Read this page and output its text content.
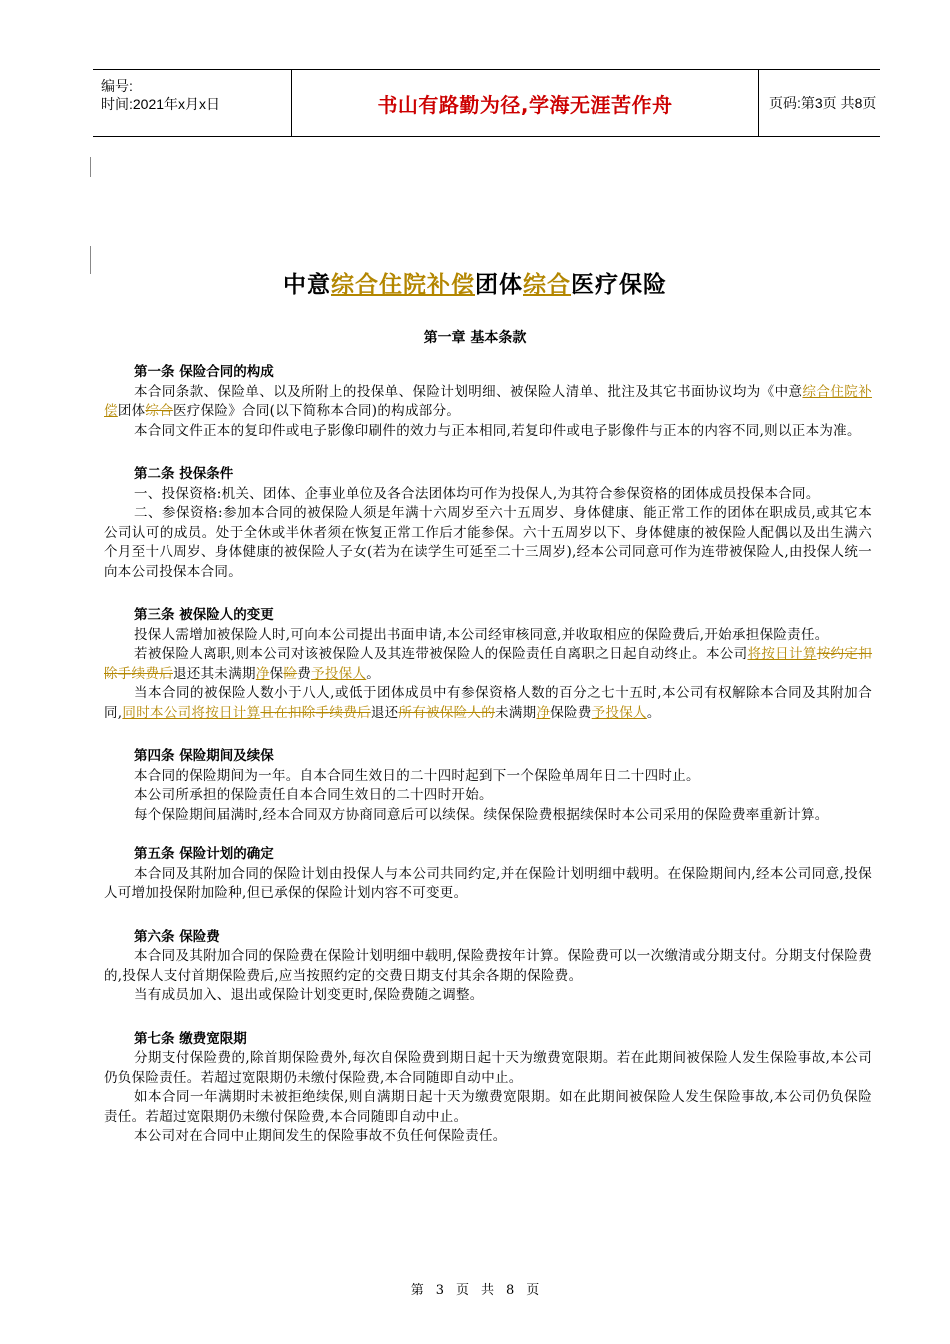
编号:
时间:2021年x月x日	书山有路勤为径,学海无涯苦作舟	页码:第3页 共8页
中意综合住院补偿团体综合医疗保险
第一章 基本条款

第一条 保险合同的构成

本合同条款、保险单、以及所附上的投保单、保险计划明细、被保险人清单、批注及其它书面协议均为《中意综合住院补偿团体综合医疗保险》合同(以下简称本合同)的构成部分。

本合同文件正本的复印件或电子影像印刷件的效力与正本相同,若复印件或电子影像件与正本的内容不同,则以正本为准。

第二条 投保条件

一、投保资格:机关、团体、企事业单位及各合法团体均可作为投保人,为其符合参保资格的团体成员投保本合同。

二、参保资格:参加本合同的被保险人须是年满十六周岁至六十五周岁、身体健康、能正常工作的团体在职成员,或其它本公司认可的成员。处于全休或半休者须在恢复正常工作后才能参保。六十五周岁以下、身体健康的被保险人配偶以及出生满六个月至十八周岁、身体健康的被保险人子女(若为在读学生可延至二十三周岁),经本公司同意可作为连带被保险人,由投保人统一向本公司投保本合同。

第三条 被保险人的变更

投保人需增加被保险人时,可向本公司提出书面申请,本公司经审核同意,并收取相应的保险费后,开始承担保险责任。

若被保险人离职,则本公司对该被保险人及其连带被保险人的保险责任自离职之日起自动终止。本公司将按日计算按约定扣除手续费后退还其未满期净保险费予投保人。

当本合同的被保险人数小于八人,或低于团体成员中有参保资格人数的百分之七十五时,本公司有权解除本合同及其附加合同,同时本公司将按日计算且在扣除手续费后退还所有被保险人的未满期净保险费予投保人。

第四条 保险期间及续保

本合同的保险期间为一年。自本合同生效日的二十四时起到下一个保险单周年日二十四时止。

本公司所承担的保险责任自本合同生效日的二十四时开始。

每个保险期间届满时,经本合同双方协商同意后可以续保。续保保险费根据续保时本公司采用的保险费率重新计算。

第五条 保险计划的确定

本合同及其附加合同的保险计划由投保人与本公司共同约定,并在保险计划明细中载明。在保险期间内,经本公司同意,投保人可增加投保附加险种,但已承保的保险计划内容不可变更。

第六条 保险费

本合同及其附加合同的保险费在保险计划明细中载明,保险费按年计算。保险费可以一次缴清或分期支付。分期支付保险费的,投保人支付首期保险费后,应当按照约定的交费日期支付其余各期的保险费。

当有成员加入、退出或保险计划变更时,保险费随之调整。

第七条 缴费宽限期

分期支付保险费的,除首期保险费外,每次自保险费到期日起十天为缴费宽限期。若在此期间被保险人发生保险事故,本公司仍负保险责任。若超过宽限期仍未缴付保险费,本合同随即自动中止。

如本合同一年满期时未被拒绝续保,则自满期日起十天为缴费宽限期。如在此期间被保险人发生保险事故,本公司仍负保险责任。若超过宽限期仍未缴付保险费,本合同随即自动中止。

本公司对在合同中止期间发生的保险事故不负任何保险责任。

第 3 页 共 8 页
